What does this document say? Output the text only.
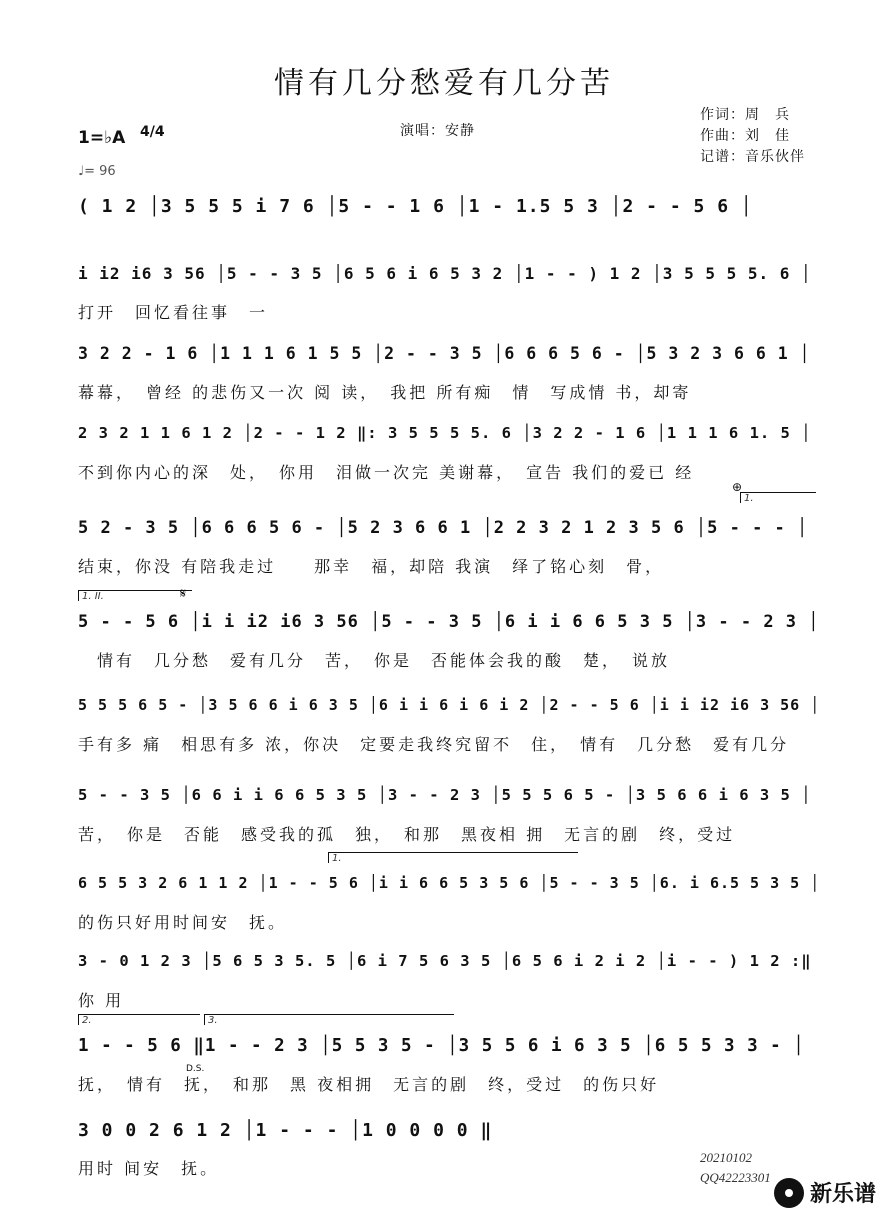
情有几分愁爱有几分苦
演唱：安静
作词：周　兵
作曲：刘　佳
记谱：音乐伙伴
1=♭A 4/4
♩= 96
( 1 2 │3 5 5 5 i 7 6 │5 - - 1 6 │1 - 1.5 5 3 │2 - - 5 6 │
i i2 i6 3 56 │5 - - 3 5 │6 5 6 i 6 5 3 2 │1 - - ) 1 2 │3 5 5 5 5. 6 │
打开　回忆看往事　一
3 2 2 - 1 6 │1 1 1 6 1 5 5 │2 - - 3 5 │6 6 6 5 6 - │5 3 2 3 6 6 1 │
幕幕，　曾经 的悲伤又一次 阅 读，　我把 所有痴　情　写成情 书，却寄
2 3 2 1 1 6 1 2 │2 - - 1 2 ‖: 3 5 5 5 5. 6 │3 2 2 - 1 6 │1 1 1 6 1. 5 │
不到你内心的深　处，　你用　泪做一次完 美谢幕，　宣告 我们的爱已 经
5 2 - 3 5 │6 6 6 5 6 - │5 2 3 6 6 1 │2 2 3 2 1 2 3 5 6 │5 - - - │
结束，你没 有陪我走过　　那幸　福，却陪 我演　绎了铭心刻　骨，
5 - - 5 6 │i i i2 i6 3 56 │5 - - 3 5 │6 i i 6 6 5 3 5 │3 - - 2 3 │
　情有　几分愁　爱有几分　苦，　你是　否能体会我的酸　楚，　说放
5 5 5 6 5 - │3 5 6 6 i 6 3 5 │6 i i 6 i 6 i 2 │2 - - 5 6 │i i i2 i6 3 56 │
手有多 痛　相思有多 浓，你决　定要走我终究留不　住，　情有　几分愁　爱有几分
5 - - 3 5 │6 6 i i 6 6 5 3 5 │3 - - 2 3 │5 5 5 6 5 - │3 5 6 6 i 6 3 5 │
苦，　你是　否能　感受我的孤　独，　和那　黑夜相 拥　无言的剧　终，受过
6 5 5 3 2 6 1 1 2 │1 - - 5 6 │i i 6 6 5 3 5 6 │5 - - 3 5 │6. i 6.5 5 3 5 │
的伤只好用时间安　抚。
3 - 0 1 2 3 │5 6 5 3 5. 5 │6 i 7 5 6 3 5 │6 5 6 i 2 i 2 │i - - ) 1 2 :‖
你 用
1 - - 5 6 ‖1 - - 2 3 │5 5 3 5 - │3 5 5 6 i 6 3 5 │6 5 5 3 3 - │
抚，　情有　抚，　和那　黑 夜相拥　无言的剧　终，受过　的伤只好
3 0 0 2 6 1 2 │1 - - - │1 0 0 0 0 ‖
用时 间安　抚。
⊕
𝄋
D.S.
1.
1. II.
1.
2.	3.
20210102
QQ42223301
新乐谱
